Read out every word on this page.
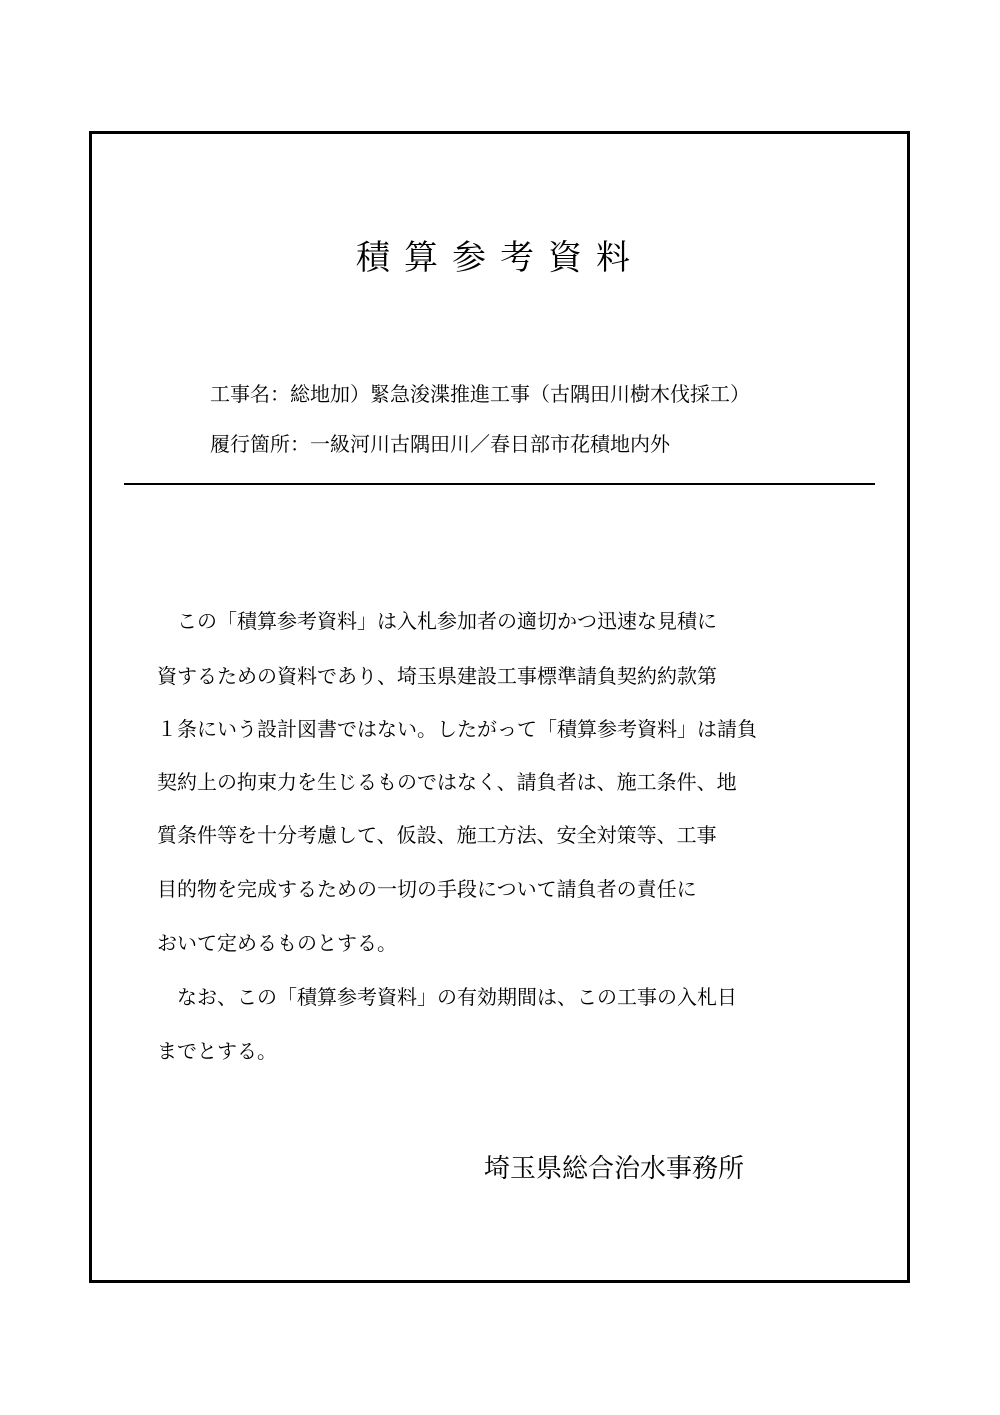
積算参考資料
工事名：総地加）緊急浚渫推進工事（古隅田川樹木伐採工）
履行箇所：一級河川古隅田川／春日部市花積地内外
　この「積算参考資料」は入札参加者の適切かつ迅速な見積に
資するための資料であり、埼玉県建設工事標準請負契約約款第
１条にいう設計図書ではない。したがって「積算参考資料」は請負
契約上の拘束力を生じるものではなく、請負者は、施工条件、地
質条件等を十分考慮して、仮設、施工方法、安全対策等、工事
目的物を完成するための一切の手段について請負者の責任に
おいて定めるものとする。
　なお、この「積算参考資料」の有効期間は、この工事の入札日
までとする。
埼玉県総合治水事務所
